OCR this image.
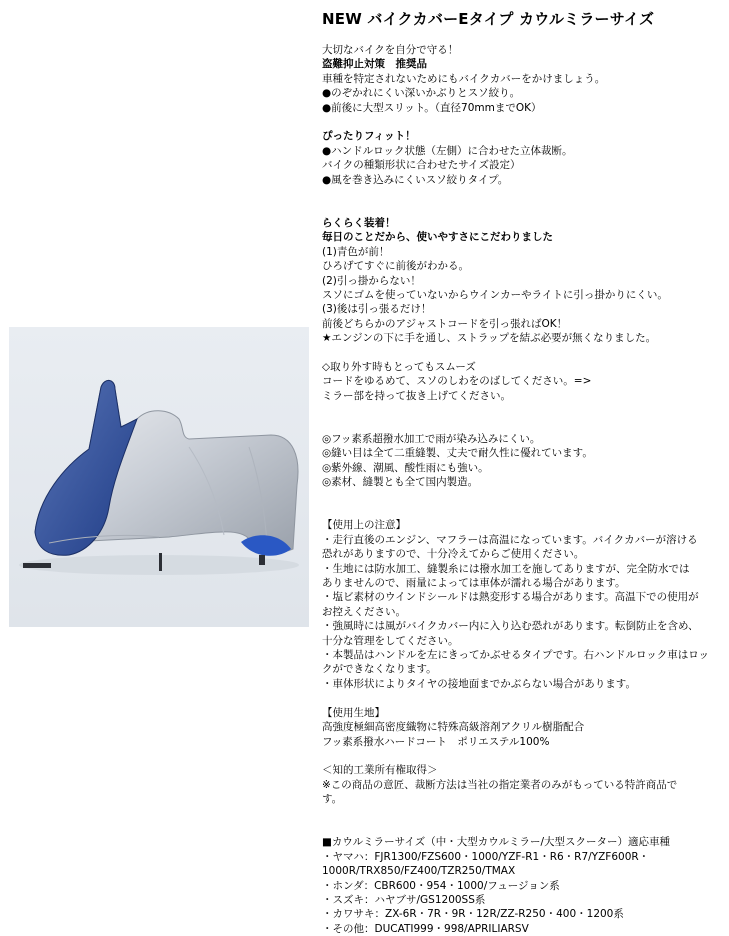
NEW バイクカバーEタイプ カウルミラーサイズ

大切なバイクを自分で守る！

盗難抑止対策　推奨品

車種を特定されないためにもバイクカバーをかけましょう。

●のぞかれにくい深いかぶりとスソ絞り。

●前後に大型スリット。（直径70mmまでOK）

ぴったりフィット！

●ハンドルロック状態（左側）に合わせた立体裁断。

バイクの種類形状に合わせたサイズ設定）

●風を巻き込みにくいスソ絞りタイプ。

らくらく装着！

毎日のことだから、使いやすさにこだわりました

(1)青色が前！

ひろげてすぐに前後がわかる。

(2)引っ掛からない！

スソにゴムを使っていないからウインカーやライトに引っ掛かりにくい。

(3)後は引っ張るだけ！

前後どちらかのアジャストコードを引っ張ればOK！

★エンジンの下に手を通し、ストラップを結ぶ必要が無くなりました。

◇取り外す時もとってもスムーズ

コードをゆるめて、スソのしわをのばしてください。=>

ミラー部を持って抜き上げてください。

◎フッ素系超撥水加工で雨が染み込みにくい。

◎縫い目は全て二重縫製、丈夫で耐久性に優れています。

◎紫外線、潮風、酸性雨にも強い。

◎素材、縫製とも全て国内製造。

【使用上の注意】

・走行直後のエンジン、マフラーは高温になっています。バイクカバーが溶ける

恐れがありますので、十分冷えてからご使用ください。

・生地には防水加工、縫製糸には撥水加工を施してありますが、完全防水では

ありませんので、雨量によっては車体が濡れる場合があります。

・塩ビ素材のウインドシールドは熱変形する場合があります。高温下での使用が

お控えください。

・強風時には風がバイクカバー内に入り込む恐れがあります。転倒防止を含め、

十分な管理をしてください。

・本製品はハンドルを左にきってかぶせるタイプです。右ハンドルロック車はロッ

クができなくなります。

・車体形状によりタイヤの接地面までかぶらない場合があります。

【使用生地】

高強度極細高密度織物に特殊高級溶剤アクリル樹脂配合

フッ素系撥水ハードコート　ポリエステル100%

＜知的工業所有権取得＞

※この商品の意匠、裁断方法は当社の指定業者のみがもっている特許商品で

す。

■カウルミラーサイズ（中・大型カウルミラー/大型スクーター）適応車種

・ヤマハ：FJR1300/FZS600・1000/YZF-R1・R6・R7/YZF600R・

1000R/TRX850/FZ400/TZR250/TMAX

・ホンダ：CBR600・954・1000/フュージョン系

・スズキ：ハヤブサ/GS1200SS系

・カワサキ：ZX-6R・7R・9R・12R/ZZ-R250・400・1200系

・その他：DUCATI999・998/APRILIARSV
